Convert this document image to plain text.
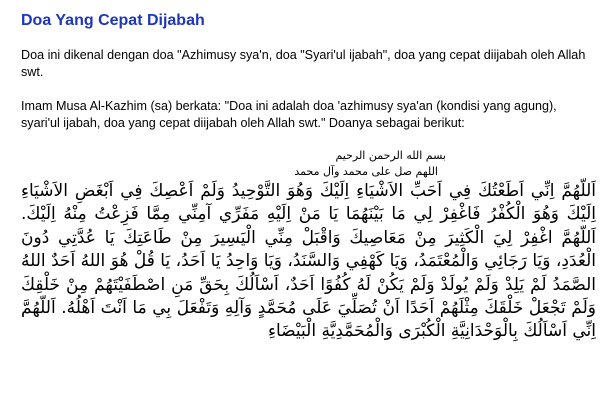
Doa Yang Cepat Dijabah

Doa ini dikenal dengan doa "Azhimusy sya'n, doa "Syari'ul ijabah", doa yang cepat diijabah oleh Allah swt.

Imam Musa Al-Kazhim (sa) berkata: "Doa ini adalah doa 'azhimusy sya'an (kondisi yang agung), syari'ul ijabah, doa yang cepat diijabah oleh Allah swt." Doanya sebagai berikut:

بسم الله الرحمن الرحيم

اللهم صل على محمد وآل محمد

اَللّهُمَّ اِنِّي اَطَعْتُكَ فِي اَحَبِّ الاَشْيَاءِ اِلَيْكَ وَهُوَ التَّوْحِيدُ وَلَمْ اَعْصِكَ فِي اَبْغَضِ الاَشْيَاءِ اِلَيْكَ وَهُوَ الْكُفْرُ فَاغْفِرْ لِي مَا بَيْنَهُمَا يَا مَنْ اِلَيْهِ مَفَرِّي آمِنِّي مِمَّا فَزِعْتُ مِنْهُ اِلَيْكَ. اَللّهُمَّ اغْفِرْ لِيَ الْكَثِيرَ مِنْ مَعَاصِيكَ وَاقْبَلْ مِنِّي الْيَسِيرَ مِنْ طَاعَتِكَ يَا عُدَّتِي دُونَ الْعُدَدِ، وَيَا رَجَائِي وَالْمُعْتَمَدُ، وَيَا كَهْفِي وَالسَّنَدُ، وَيَا وَاحِدُ يَا اَحَدُ، يَا قُلْ هُوَ اللهُ اَحَدٌ اللهُ الصَّمَدُ لَمْ يَلِدْ وَلَمْ يُولَدْ وَلَمْ يَكُنْ لَهُ كُفُوًا اَحَدٌ، اَسْاَلُكَ بِحَقِّ مَنِ اصْطَفَيْتَهُمْ مِنْ خَلْقِكَ وَلَمْ تَجْعَلْ خَلْقَكَ مِثْلَهُمْ اَحَدًا اَنْ تُصَلِّيَ عَلَى مُحَمَّدٍ وَآلِهِ وَتَفْعَلَ بِي مَا اَنْتَ اَهْلُهُ. اَللّهُمَّ اِنِّي اَسْاَلُكَ بِالْوَحْدَانِيَّةِ الْكُبْرَى وَالْمُحَمَّدِيَّةِ الْبَيْضَاءِ
